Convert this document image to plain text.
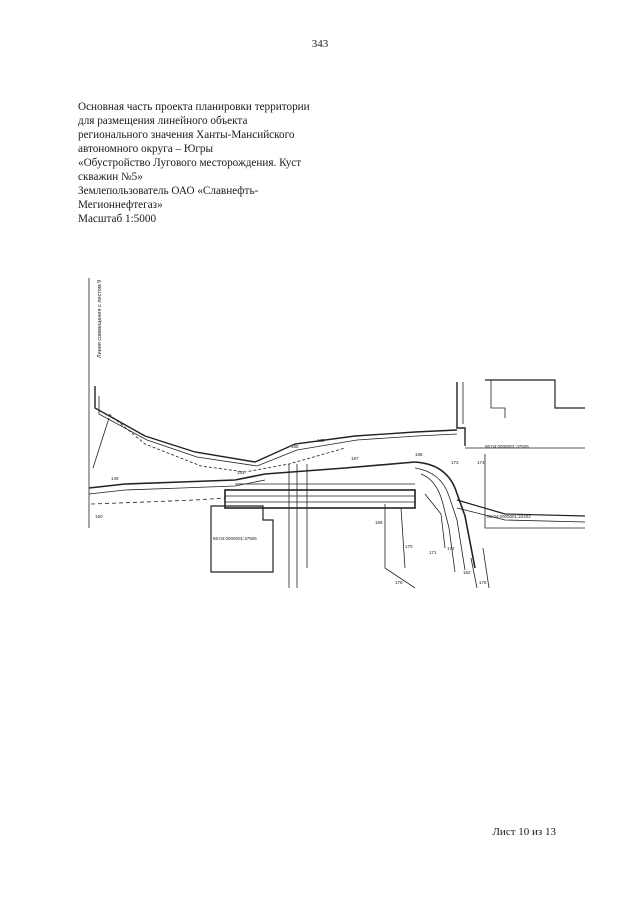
343
Основная часть проекта планировки территории
для размещения линейного объекта
регионального значения Ханты-Мансийского
автономного округа – Югры
«Обустройство Лугового месторождения. Куст
скважин №5»
Землепользователь ОАО «Славнефть-
Мегионнефтегаз»
Масштаб 1:5000
Линия совмещения с листом 9
86:04:0000001:37926
86:04:0000001:37926
86:04:0000001:22402
185
186
187
188
169
170
171
172
173	174
149
150
151
152
175
176
Лист 10 из 13
